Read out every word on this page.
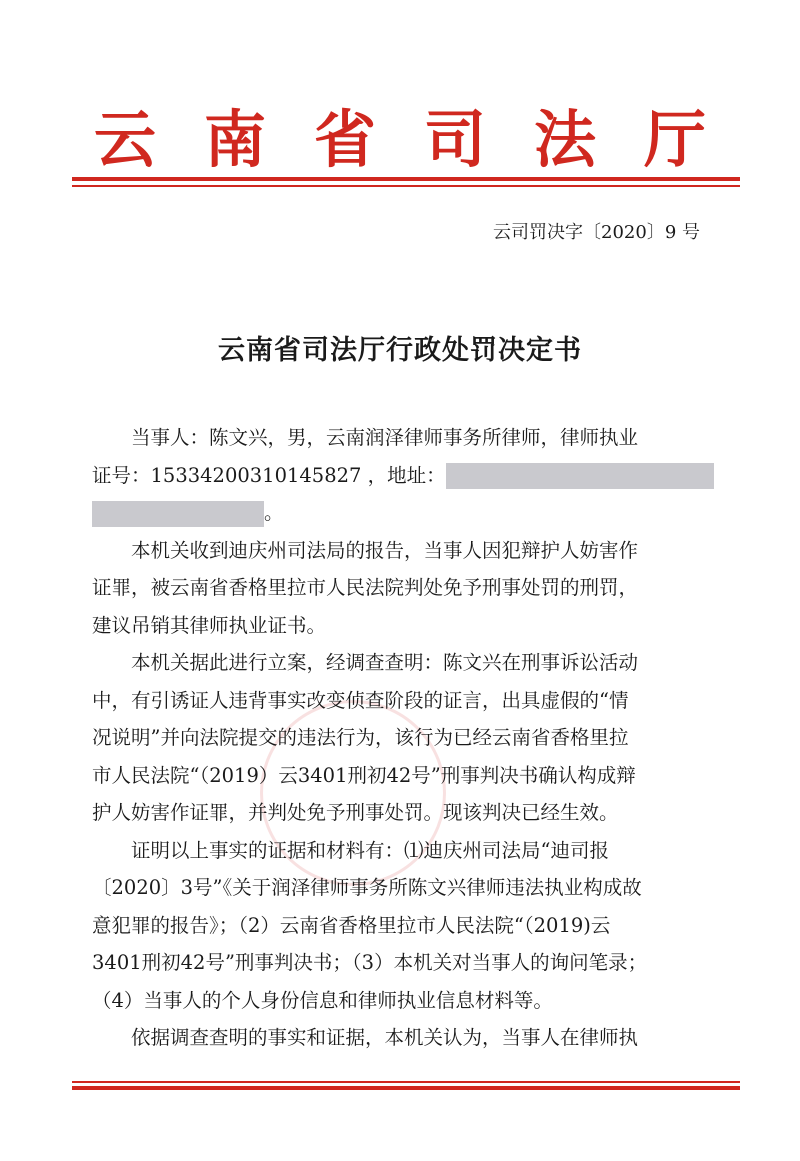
云南省司法厅
云司罚决字〔2020〕9 号
云南省司法厅行政处罚决定书

当事人：陈文兴，男，云南润泽律师事务所律师，律师执业

证号：15334200310145827 ，地址：
。

本机关收到迪庆州司法局的报告，当事人因犯辩护人妨害作

证罪，被云南省香格里拉市人民法院判处免予刑事处罚的刑罚，
建议吊销其律师执业证书。

本机关据此进行立案，经调查查明：陈文兴在刑事诉讼活动

中，有引诱证人违背事实改变侦查阶段的证言，出具虚假的“情
况说明”并向法院提交的违法行为，该行为已经云南省香格里拉
市人民法院“（2019）云3401刑初42号”刑事判决书确认构成辩
护人妨害作证罪，并判处免予刑事处罚。现该判决已经生效。

证明以上事实的证据和材料有：⑴迪庆州司法局“迪司报

〔2020〕3号”《关于润泽律师事务所陈文兴律师违法执业构成故
意犯罪的报告》；（2）云南省香格里拉市人民法院“（2019)云
3401刑初42号”刑事判决书；（3）本机关对当事人的询问笔录；
（4）当事人的个人身份信息和律师执业信息材料等。

依据调查查明的事实和证据，本机关认为，当事人在律师执
